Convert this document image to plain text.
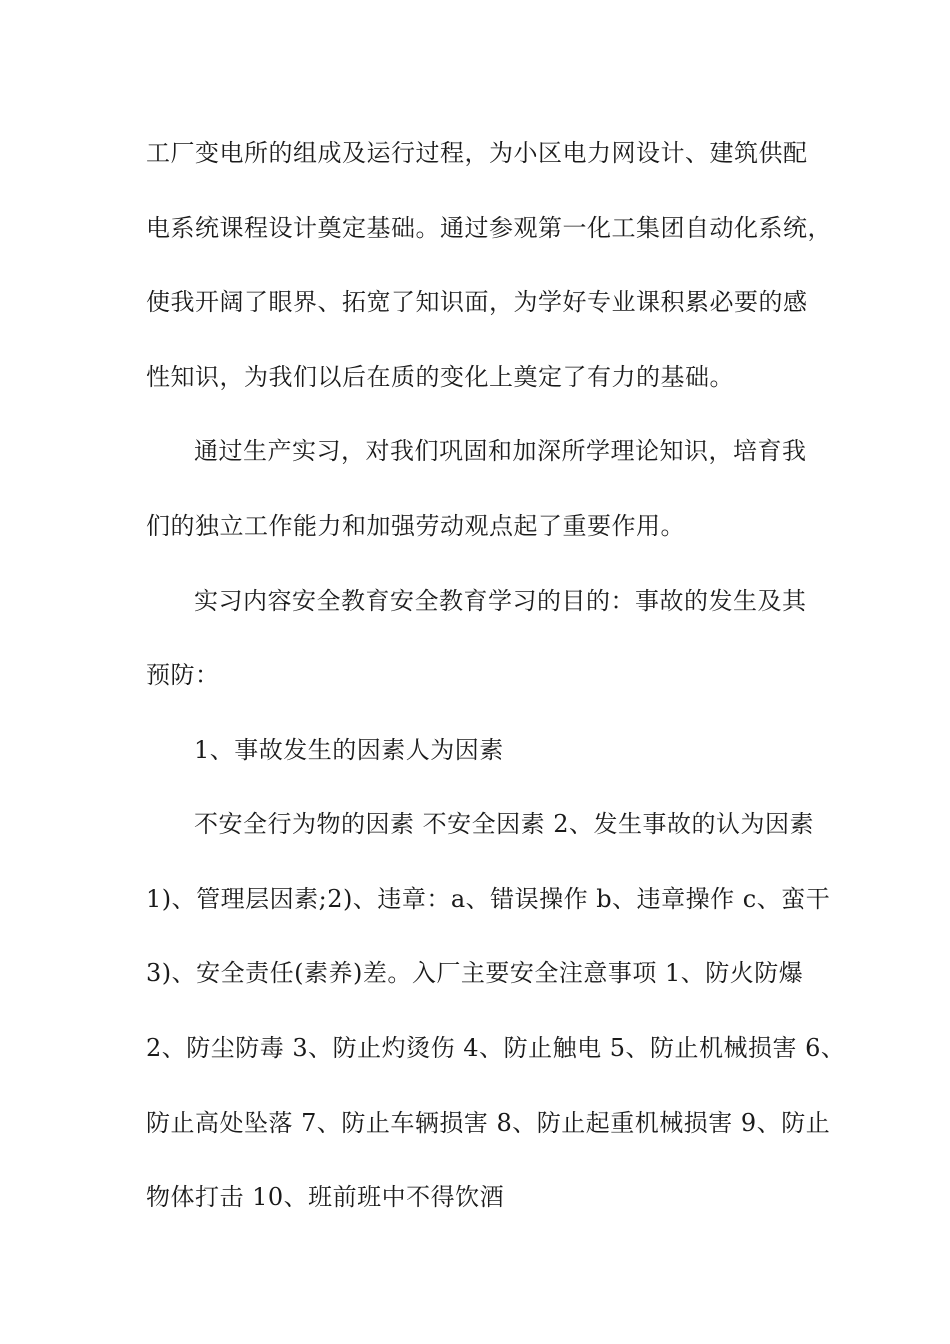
工厂变电所的组成及运行过程，为小区电力网设计、建筑供配
电系统课程设计奠定基础。通过参观第一化工集团自动化系统，
使我开阔了眼界、拓宽了知识面，为学好专业课积累必要的感
性知识，为我们以后在质的变化上奠定了有力的基础。
通过生产实习，对我们巩固和加深所学理论知识，培育我
们的独立工作能力和加强劳动观点起了重要作用。
实习内容安全教育安全教育学习的目的：事故的发生及其
预防：
1、事故发生的因素人为因素
不安全行为物的因素 不安全因素 2、发生事故的认为因素
1)、管理层因素;2)、违章：a、错误操作 b、违章操作 c、蛮干
3)、安全责任(素养)差。入厂主要安全注意事项 1、防火防爆
2、防尘防毒 3、防止灼烫伤 4、防止触电 5、防止机械损害 6、
防止高处坠落 7、防止车辆损害 8、防止起重机械损害 9、防止
物体打击 10、班前班中不得饮酒
